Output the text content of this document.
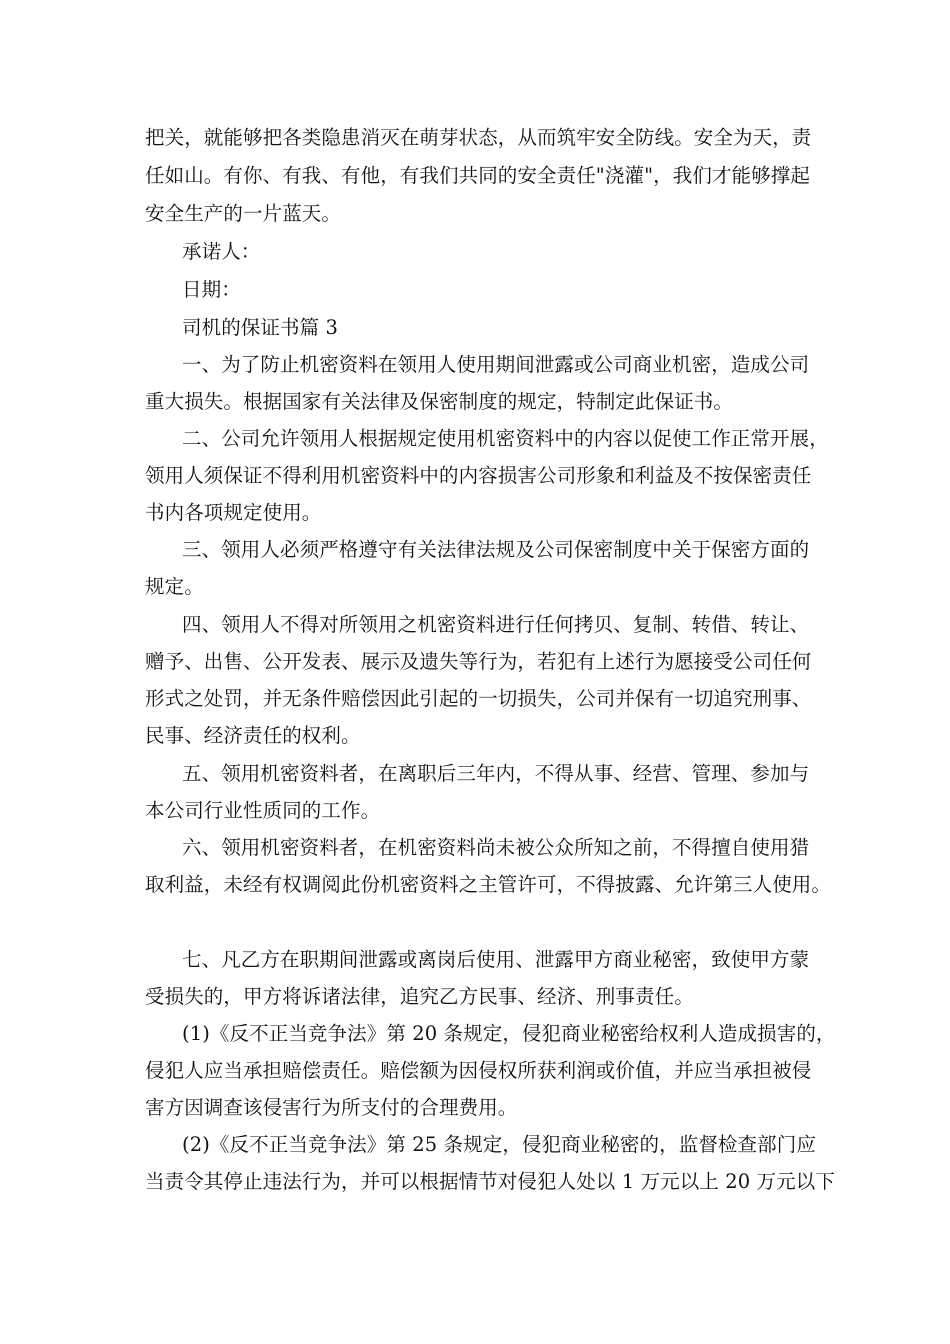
把关，就能够把各类隐患消灭在萌芽状态，从而筑牢安全防线。安全为天，责
任如山。有你、有我、有他，有我们共同的安全责任"浇灌"，我们才能够撑起
安全生产的一片蓝天。
承诺人：
日期：
司机的保证书篇 3
一、为了防止机密资料在领用人使用期间泄露或公司商业机密，造成公司
重大损失。根据国家有关法律及保密制度的规定，特制定此保证书。
二、公司允许领用人根据规定使用机密资料中的内容以促使工作正常开展，
领用人须保证不得利用机密资料中的内容损害公司形象和利益及不按保密责任
书内各项规定使用。
三、领用人必须严格遵守有关法律法规及公司保密制度中关于保密方面的
规定。
四、领用人不得对所领用之机密资料进行任何拷贝、复制、转借、转让、
赠予、出售、公开发表、展示及遗失等行为，若犯有上述行为愿接受公司任何
形式之处罚，并无条件赔偿因此引起的一切损失，公司并保有一切追究刑事、
民事、经济责任的权利。
五、领用机密资料者，在离职后三年内，不得从事、经营、管理、参加与
本公司行业性质同的工作。
六、领用机密资料者，在机密资料尚未被公众所知之前，不得擅自使用猎
取利益，未经有权调阅此份机密资料之主管许可，不得披露、允许第三人使用。
七、凡乙方在职期间泄露或离岗后使用、泄露甲方商业秘密，致使甲方蒙
受损失的，甲方将诉诸法律，追究乙方民事、经济、刑事责任。
(1)《反不正当竞争法》第 20 条规定，侵犯商业秘密给权利人造成损害的，
侵犯人应当承担赔偿责任。赔偿额为因侵权所获利润或价值，并应当承担被侵
害方因调查该侵害行为所支付的合理费用。
(2)《反不正当竞争法》第 25 条规定，侵犯商业秘密的，监督检查部门应
当责令其停止违法行为，并可以根据情节对侵犯人处以 1 万元以上 20 万元以下
